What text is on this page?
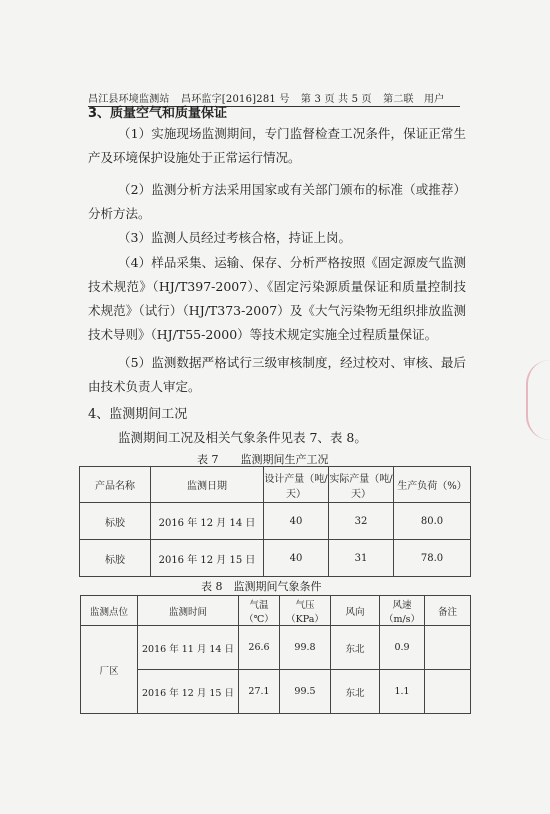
昌江县环境监测站 昌环监字[2016]281 号 第 3 页 共 5 页 第二联　用户
3、质量空气和质量保证
（1）实施现场监测期间，专门监督检查工况条件，保证正常生产及环境保护设施处于正常运行情况。
（2）监测分析方法采用国家或有关部门颁布的标准（或推荐）分析方法。
（3）监测人员经过考核合格，持证上岗。
（4）样品采集、运输、保存、分析严格按照《固定源废气监测技术规范》（HJ/T397-2007）、《固定污染源质量保证和质量控制技术规范》（试行）（HJ/T373-2007）及《大气污染物无组织排放监测技术导则》（HJ/T55-2000）等技术规定实施全过程质量保证。
（5）监测数据严格试行三级审核制度，经过校对、审核、最后由技术负责人审定。
4、监测期间工况
监测期间工况及相关气象条件见表 7、表 8。
表 7　　监测期间生产工况
产品名称	监测日期	设计产量（吨/天）	实际产量（吨/天）	生产负荷（%）
标胶	2016 年 12 月 14 日	40	32	80.0
标胶	2016 年 12 月 15 日	40	31	78.0
表 8　监测期间气象条件
监测点位	监测时间	气温（℃）	气压（KPa）	风向	风速（m/s）	备注
厂区	2016 年 11 月 14 日	26.6	99.8	东北	0.9	
	2016 年 12 月 15 日	27.1	99.5	东北	1.1	
